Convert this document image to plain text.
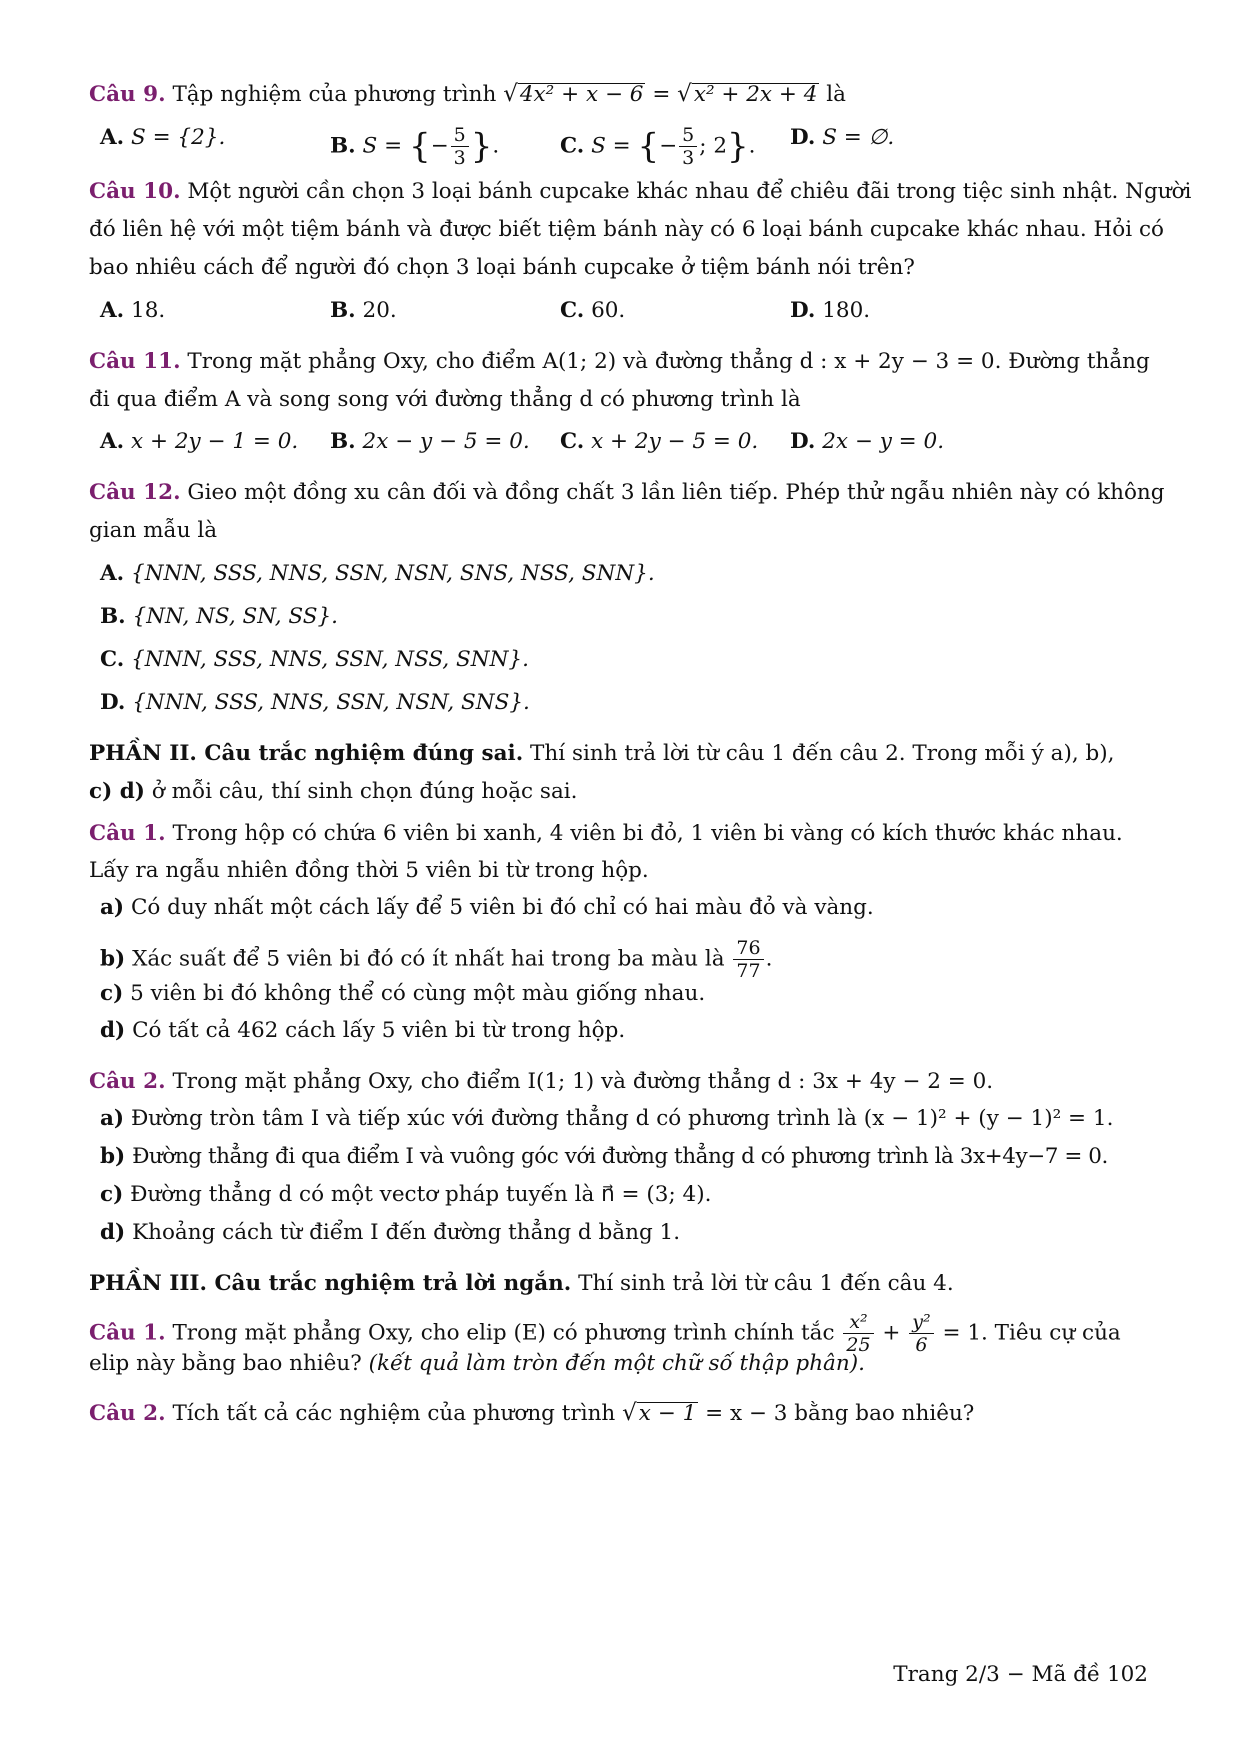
Câu 9. Tập nghiệm của phương trình √4x² + x − 6 = √x² + 2x + 4 là
A. S = {2}.	B. S = {− $\frac{5}{3}$ }.	C. S = {− $\frac{5}{3}$ ; 2}. D. S = ∅.
Câu 10. Một người cần chọn 3 loại bánh cupcake khác nhau để chiêu đãi trong tiệc sinh nhật. Người
đó liên hệ với một tiệm bánh và được biết tiệm bánh này có 6 loại bánh cupcake khác nhau. Hỏi có
bao nhiêu cách để người đó chọn 3 loại bánh cupcake ở tiệm bánh nói trên?
A. 18.	B. 20.	C. 60.	D. 180.
Câu 11. Trong mặt phẳng Oxy, cho điểm A(1; 2) và đường thẳng d : x + 2y − 3 = 0. Đường thẳng
đi qua điểm A và song song với đường thẳng d có phương trình là
A. x + 2y − 1 = 0. B. 2x − y − 5 = 0. C. x + 2y − 5 = 0. D. 2x − y = 0.
Câu 12. Gieo một đồng xu cân đối và đồng chất 3 lần liên tiếp. Phép thử ngẫu nhiên này có không
gian mẫu là
A. {NNN, SSS, NNS, SSN, NSN, SNS, NSS, SNN}.
B. {NN, NS, SN, SS}.
C. {NNN, SSS, NNS, SSN, NSS, SNN}.
D. {NNN, SSS, NNS, SSN, NSN, SNS}.
PHẦN II. Câu trắc nghiệm đúng sai. Thí sinh trả lời từ câu 1 đến câu 2. Trong mỗi ý a), b),
c) d) ở mỗi câu, thí sinh chọn đúng hoặc sai.
Câu 1. Trong hộp có chứa 6 viên bi xanh, 4 viên bi đỏ, 1 viên bi vàng có kích thước khác nhau.
Lấy ra ngẫu nhiên đồng thời 5 viên bi từ trong hộp.
a) Có duy nhất một cách lấy để 5 viên bi đó chỉ có hai màu đỏ và vàng.
b) Xác suất để 5 viên bi đó có ít nhất hai trong ba màu là $\frac{76}{77}$ .
c) 5 viên bi đó không thể có cùng một màu giống nhau.
d) Có tất cả 462 cách lấy 5 viên bi từ trong hộp.
Câu 2. Trong mặt phẳng Oxy, cho điểm I(1; 1) và đường thẳng d : 3x + 4y − 2 = 0.
a) Đường tròn tâm I và tiếp xúc với đường thẳng d có phương trình là (x − 1)² + (y − 1)² = 1.
b) Đường thẳng đi qua điểm I và vuông góc với đường thẳng d có phương trình là 3x+4y−7 = 0.
c) Đường thẳng d có một vectơ pháp tuyến là n⃗ = (3; 4).
d) Khoảng cách từ điểm I đến đường thẳng d bằng 1.
PHẦN III. Câu trắc nghiệm trả lời ngắn. Thí sinh trả lời từ câu 1 đến câu 4.
Câu 1. Trong mặt phẳng Oxy, cho elip (E) có phương trình chính tắc $\frac{\text{x²}}{25} + \frac{\text{y²}}{6} = 1$. Tiêu cự của
elip này bằng bao nhiêu? (kết quả làm tròn đến một chữ số thập phân).
Câu 2. Tích tất cả các nghiệm của phương trình √x − 1 = x − 3 bằng bao nhiêu?
Trang 2/3 − Mã đề 102
